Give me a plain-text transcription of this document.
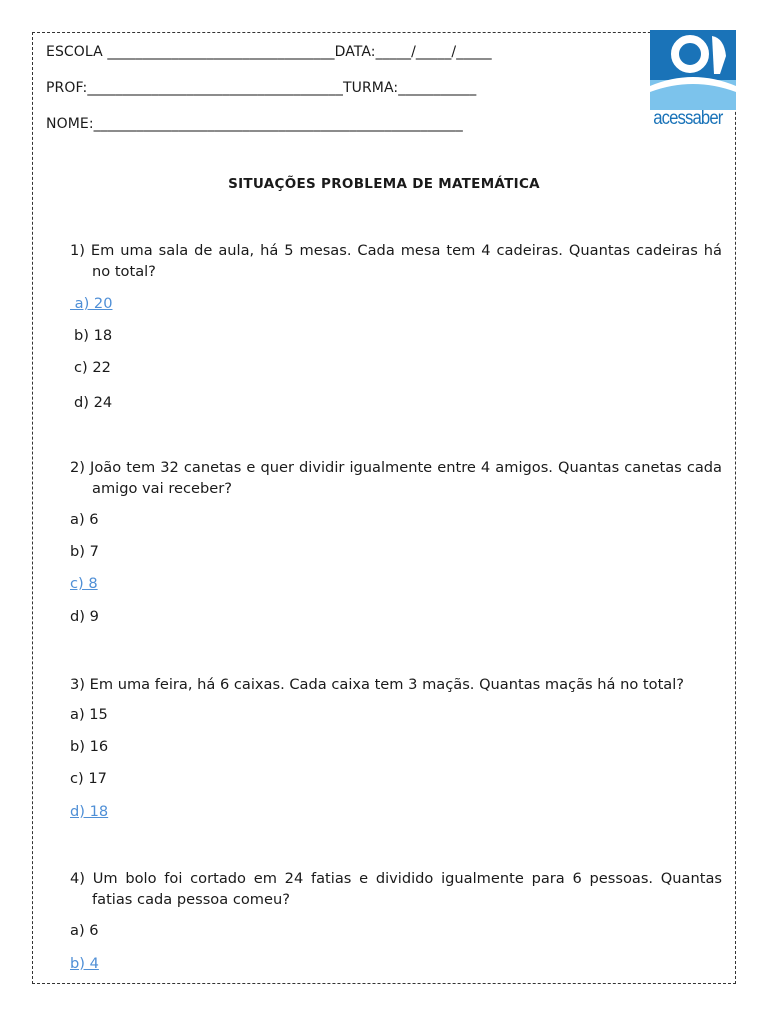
ESCOLA ________________________________DATA:_____/_____/_____
PROF:____________________________________TURMA:___________
NOME:____________________________________________________	acessaber
SITUAÇÕES PROBLEMA DE MATEMÁTICA
1) Em uma sala de aula, há 5 mesas. Cada mesa tem 4 cadeiras. Quantas cadeiras há no total?
a) 20
b) 18
c) 22
d) 24
2) João tem 32 canetas e quer dividir igualmente entre 4 amigos. Quantas canetas cada amigo vai receber?
a) 6
b) 7
c) 8
d) 9
3) Em uma feira, há 6 caixas. Cada caixa tem 3 maçãs. Quantas maçãs há no total?
a) 15
b) 16
c) 17
d) 18
4) Um bolo foi cortado em 24 fatias e dividido igualmente para 6 pessoas. Quantas fatias cada pessoa comeu?
a) 6
b) 4
